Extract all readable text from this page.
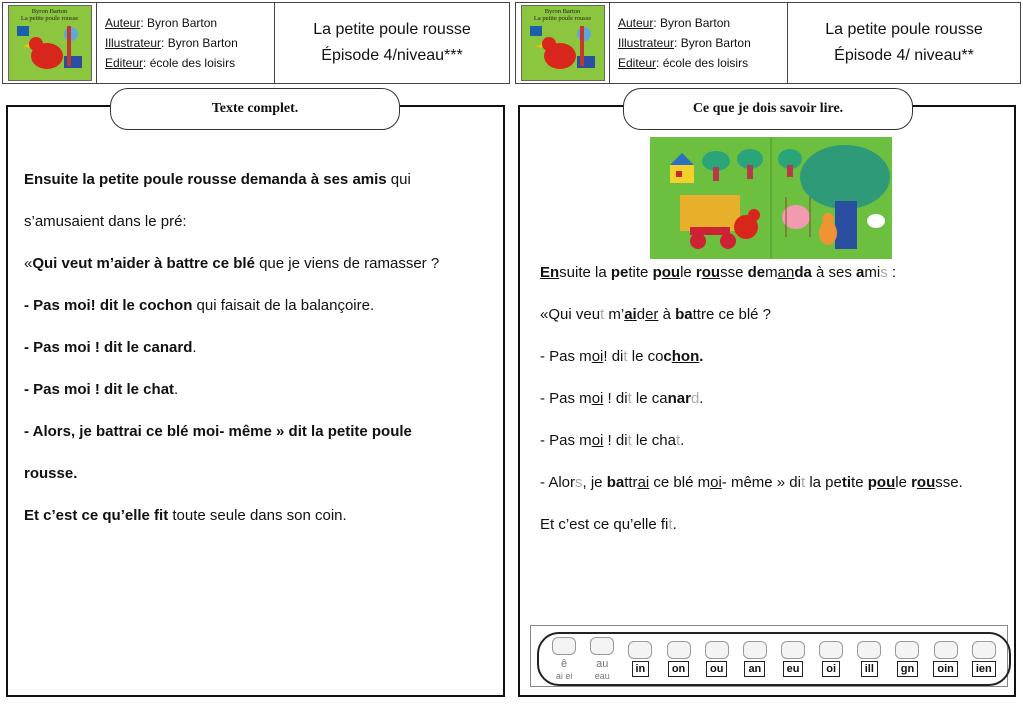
Byron Barton
La petite poule rousse	Auteur: Byron Barton
Illustrateur: Byron Barton
Editeur: école des loisirs
La petite poule rousse
Épisode 4/niveau***
Byron Barton
La petite poule rousse	Auteur: Byron Barton
Illustrateur: Byron Barton
Editeur: école des loisirs
La petite poule rousse
Épisode 4/ niveau**
Texte complet.	Ce que je dois savoir lire.

Ensuite la petite poule rousse demanda à ses amis qui

s’amusaient dans le pré:

«Qui veut m’aider à battre ce blé que je viens de ramasser ?

- Pas moi! dit le cochon qui faisait de la balançoire.

- Pas moi ! dit le canard.

- Pas moi ! dit le chat.

- Alors, je battrai ce blé moi- même » dit la petite poule

rousse.

Et c’est ce qu’elle fit toute seule dans son coin.

Ensuite la petite poule rousse demanda à ses amis :

«Qui veut m’aider à battre ce blé ?

- Pas moi! dit le cochon.

- Pas moi ! dit le canard.

- Pas moi ! dit le chat.

- Alors, je battrai ce blé moi- même » dit la petite poule rousse.

Et c’est ce qu’elle fit.

ê
ai ei
au
eau
in	on	ou	an	eu	oi	ill	gn	oin	ien
